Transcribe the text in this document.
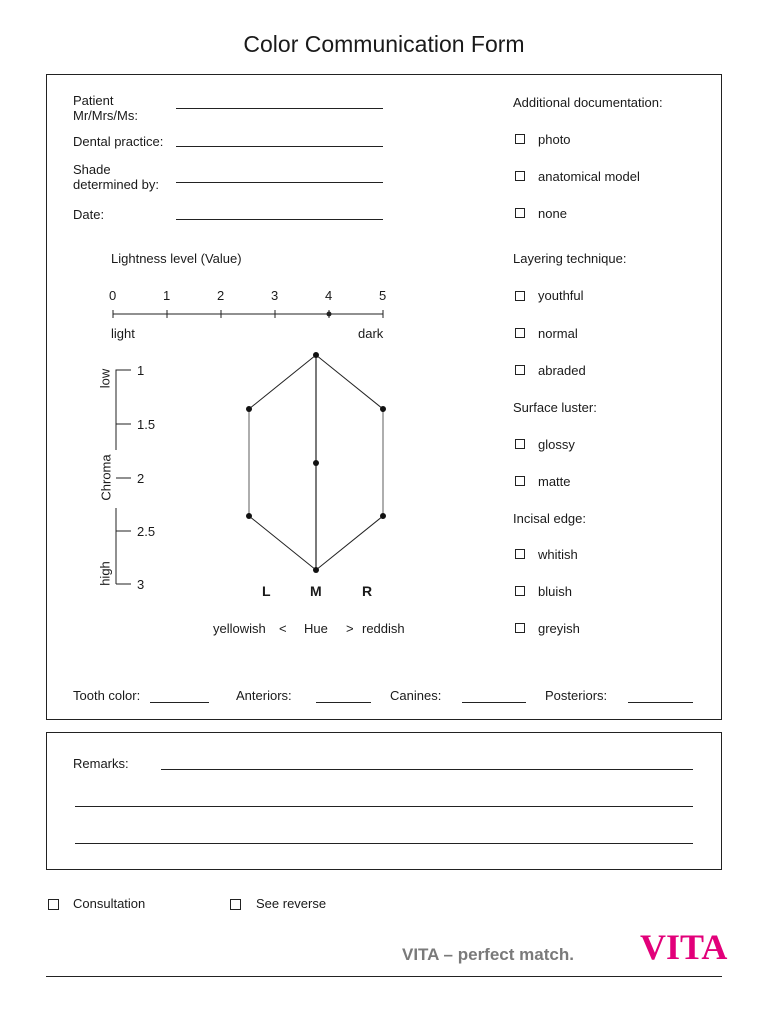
Color Communication Form
Patient
Mr/Mrs/Ms:
Dental practice:
Shade
determined by:
Date:
Lightness level (Value)
0	1	2	3	4	5
light	dark
1
1.5
2
2.5
3
low
Chroma
high
L	M	R
yellowish < Hue > reddish
Additional documentation:
photo
anatomical model
none
Layering technique:
youthful
normal
abraded
Surface luster:
glossy
matte
Incisal edge:
whitish
bluish
greyish
Tooth color:	Anteriors:	Canines:	Posteriors:
Remarks:
Consultation	See reverse
VITA – perfect match. VITA
